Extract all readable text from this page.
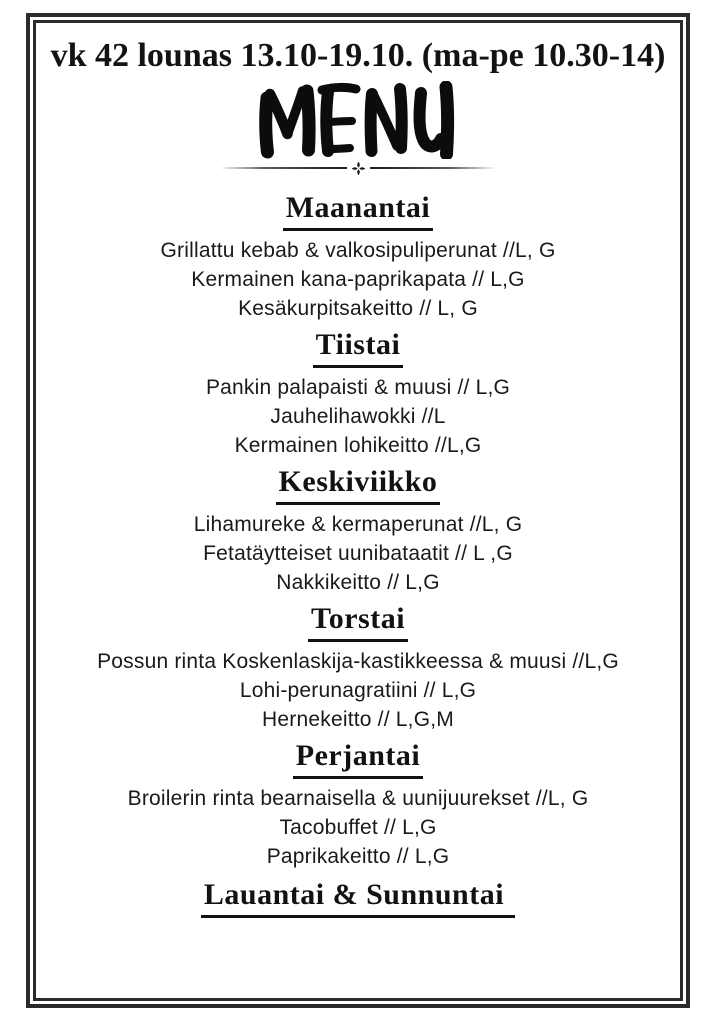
vk 42 lounas 13.10-19.10. (ma-pe 10.30-14)
Maanantai
Grillattu kebab & valkosipuliperunat //L, G
Kermainen kana-paprikapata // L,G
Kesäkurpitsakeitto // L, G
Tiistai
Pankin palapaisti & muusi // L,G
Jauhelihawokki //L
Kermainen lohikeitto //L,G
Keskiviikko
Lihamureke & kermaperunat //L, G
Fetatäytteiset uunibataatit // L ,G
Nakkikeitto // L,G
Torstai
Possun rinta Koskenlaskija-kastikkeessa & muusi //L,G
Lohi-perunagratiini // L,G
Hernekeitto // L,G,M
Perjantai
Broilerin rinta bearnaisella & uunijuurekset //L, G
Tacobuffet // L,G
Paprikakeitto // L,G
Lauantai & Sunnuntai
